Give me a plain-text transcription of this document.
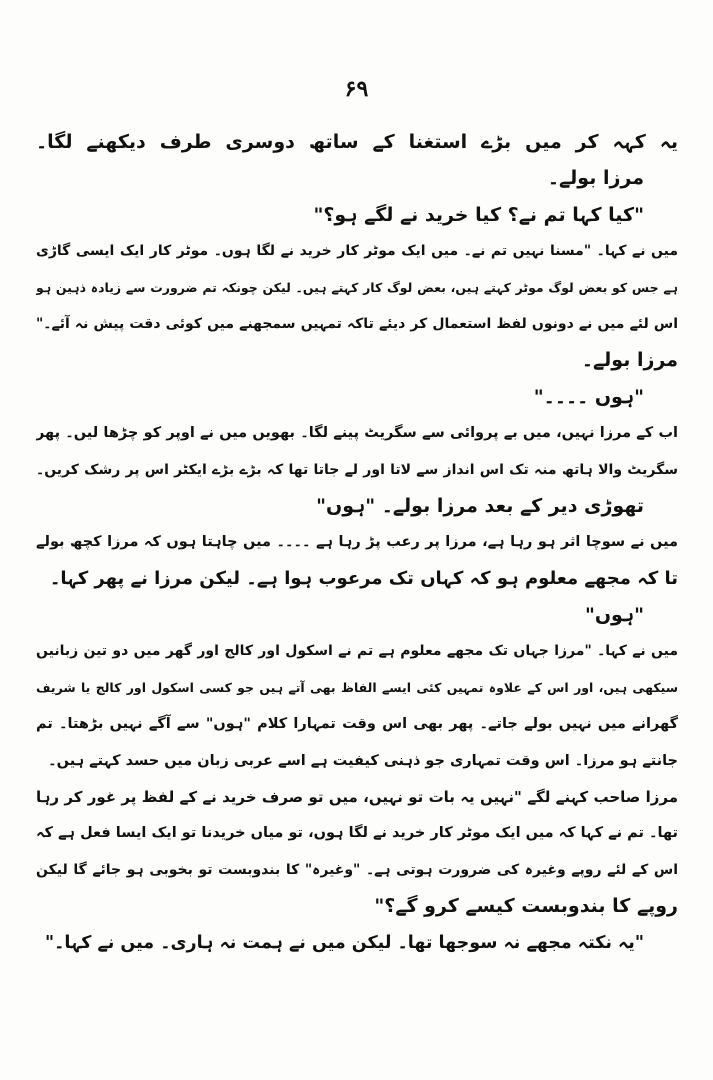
۶۹
یہ کہہ کر میں بڑے استغنا کے ساتھ دوسری طرف دیکھنے لگا۔
مرزا بولے۔
"کیا کہا تم نے؟ کیا خرید نے لگے ہو؟"
میں نے کہا۔ "مسنا نہیں تم نے۔ میں ایک موٹر کار خرید نے لگا ہوں۔ موٹر کار ایک ایسی گاڑی
ہے جس کو بعض لوگ موٹر کہتے ہیں، بعض لوگ کار کہتے ہیں۔ لیکن چونکہ تم ضرورت سے زیادہ ذہین ہو
اس لئے میں نے دونوں لفظ استعمال کر دیئے تاکہ تمہیں سمجھنے میں کوئی دقت پیش نہ آئے۔"
مرزا بولے۔
"ہوں ۔۔۔۔"
اب کے مرزا نہیں، میں بے پروائی سے سگریٹ پینے لگا۔ بھویں میں نے اوپر کو چڑھا لیں۔ پھر
سگریٹ والا ہاتھ منہ تک اس انداز سے لاتا اور لے جاتا تھا کہ بڑے بڑے ایکٹر اس پر رشک کریں۔
تھوڑی دیر کے بعد مرزا بولے۔ "ہوں"
میں نے سوچا اثر ہو رہا ہے، مرزا پر رعب پڑ رہا ہے ۔۔۔۔ میں چاہتا ہوں کہ مرزا کچھ بولے
تا کہ مجھے معلوم ہو کہ کہاں تک مرعوب ہوا ہے۔ لیکن مرزا نے پھر کہا۔
"ہوں"
میں نے کہا۔ "مرزا جہاں تک مجھے معلوم ہے تم نے اسکول اور کالج اور گھر میں دو تین زبانیں
سیکھی ہیں، اور اس کے علاوہ تمہیں کئی ایسے الفاظ بھی آتے ہیں جو کسی اسکول اور کالج یا شریف
گھرانے میں نہیں بولے جاتے۔ پھر بھی اس وقت تمہارا کلام "ہوں" سے آگے نہیں بڑھتا۔ تم
جانتے ہو مرزا۔ اس وقت تمہاری جو ذہنی کیفیت ہے اسے عربی زبان میں حسد کہتے ہیں۔
مرزا صاحب کہنے لگے "نہیں یہ بات تو نہیں، میں تو صرف خرید نے کے لفظ پر غور کر رہا
تھا۔ تم نے کہا کہ میں ایک موٹر کار خرید نے لگا ہوں، تو میاں خریدنا تو ایک ایسا فعل ہے کہ
اس کے لئے روپے وغیرہ کی ضرورت ہوتی ہے۔ "وغیرہ" کا بندوبست تو بخوبی ہو جائے گا لیکن
روپے کا بندوبست کیسے کرو گے؟"
"یہ نکتہ مجھے نہ سوجھا تھا۔ لیکن میں نے ہمت نہ ہاری۔ میں نے کہا۔"
